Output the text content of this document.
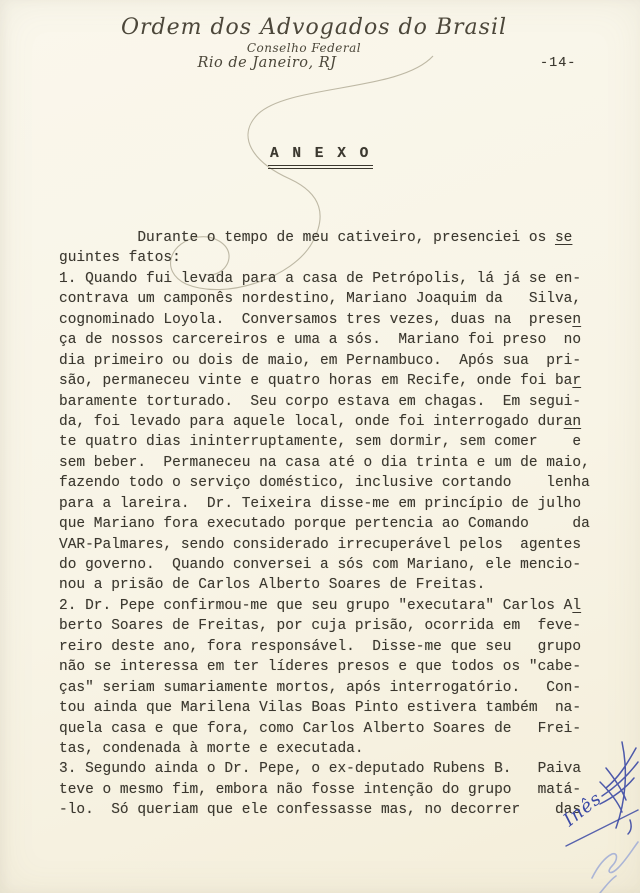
Ordem dos Advogados do Brasil
Conselho Federal
Rio de Janeiro, RJ	-14-
A N E X O
Durante o tempo de meu cativeiro, presenciei os se
guintes fatos:
1. Quando fui levada para a casa de Petrópolis, lá já se en-
contrava um camponês nordestino, Mariano Joaquim da   Silva,
cognominado Loyola.  Conversamos tres vezes, duas na  presen
ça de nossos carcereiros e uma a sós.  Mariano foi preso  no
dia primeiro ou dois de maio, em Pernambuco.  Após sua  pri-
são, permaneceu vinte e quatro horas em Recife, onde foi bar
baramente torturado.  Seu corpo estava em chagas.  Em segui-
da, foi levado para aquele local, onde foi interrogado duran
te quatro dias ininterruptamente, sem dormir, sem comer    e
sem beber.  Permaneceu na casa até o dia trinta e um de maio,
fazendo todo o serviço doméstico, inclusive cortando    lenha
para a lareira.  Dr. Teixeira disse-me em princípio de julho
que Mariano fora executado porque pertencia ao Comando     da
VAR-Palmares, sendo considerado irrecuperável pelos  agentes
do governo.  Quando conversei a sós com Mariano, ele mencio-
nou a prisão de Carlos Alberto Soares de Freitas.
2. Dr. Pepe confirmou-me que seu grupo "executara" Carlos Al
berto Soares de Freitas, por cuja prisão, ocorrida em  feve-
reiro deste ano, fora responsável.  Disse-me que seu   grupo
não se interessa em ter líderes presos e que todos os "cabe-
ças" seriam sumariamente mortos, após interrogatório.   Con-
tou ainda que Marilena Vilas Boas Pinto estivera também  na-
quela casa e que fora, como Carlos Alberto Soares de   Frei-
tas, condenada à morte e executada.
3. Segundo ainda o Dr. Pepe, o ex-deputado Rubens B.   Paiva
teve o mesmo fim, embora não fosse intenção do grupo   matá-
-lo.  Só queriam que ele confessasse mas, no decorrer    das
Inês
